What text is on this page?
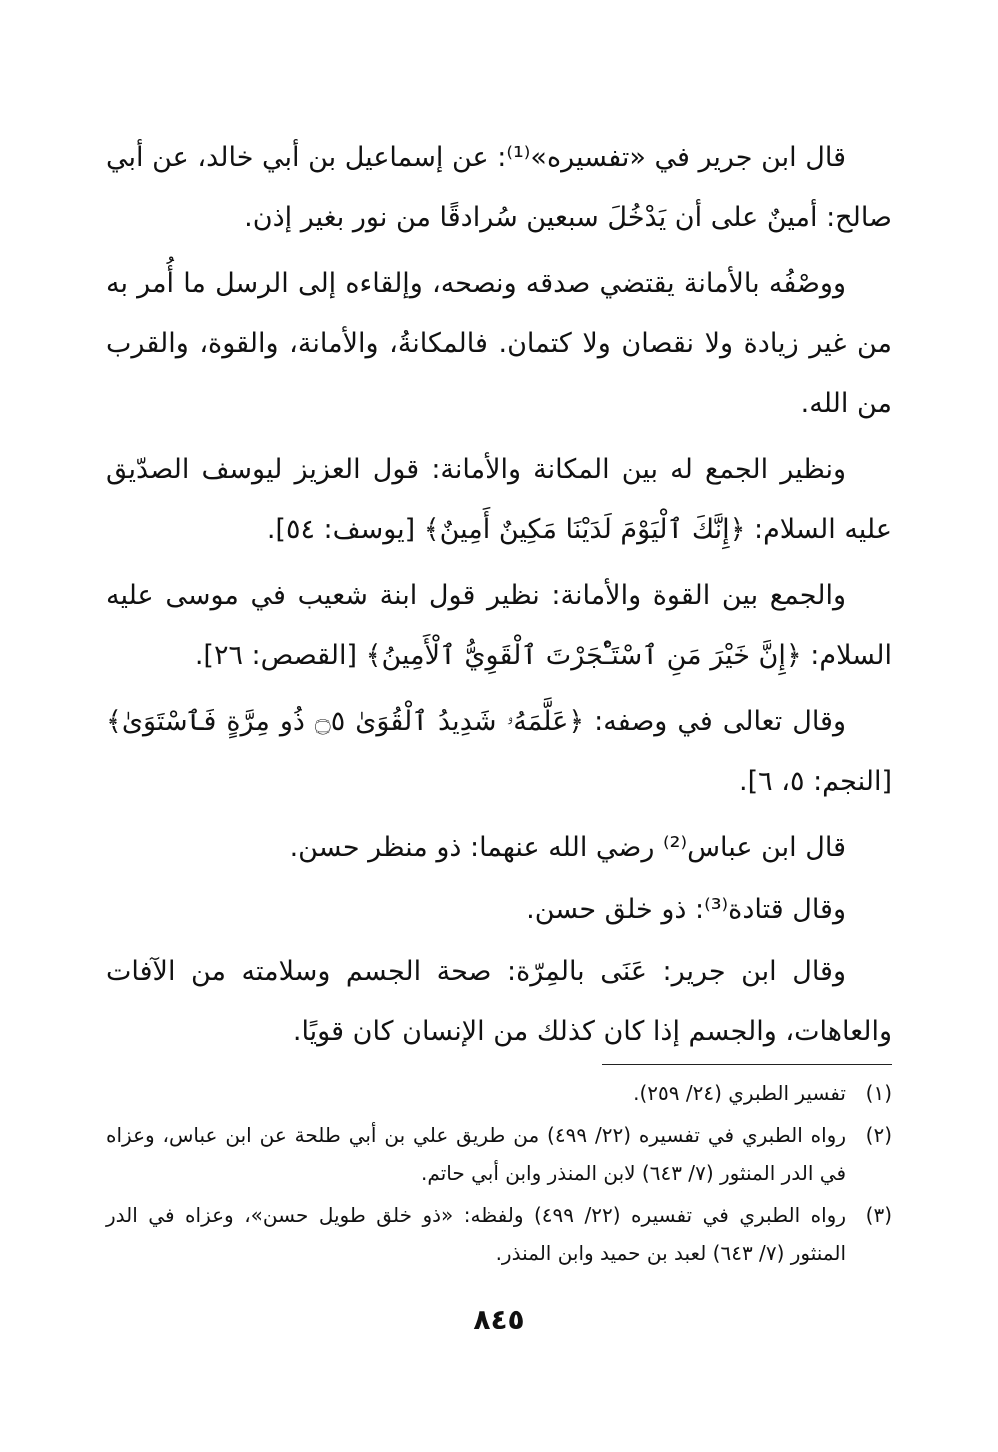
قال ابن جرير في «تفسيره»⁽¹⁾: عن إسماعيل بن أبي خالد، عن أبي صالح: أمينٌ على أن يَدْخُلَ سبعين سُرادقًا من نور بغير إذن.

ووصْفُه بالأمانة يقتضي صدقه ونصحه، وإلقاءه إلى الرسل ما أُمر به من غير زيادة ولا نقصان ولا كتمان. فالمكانةُ، والأمانة، والقوة، والقرب من الله.

ونظير الجمع له بين المكانة والأمانة: قول العزيز ليوسف الصدّيق عليه السلام: ﴿إِنَّكَ ٱلْيَوْمَ لَدَيْنَا مَكِينٌ أَمِينٌ﴾ [يوسف: ٥٤].

والجمع بين القوة والأمانة: نظير قول ابنة شعيب في موسى عليه السلام: ﴿إِنَّ خَيْرَ مَنِ ٱسْتَـْٔجَرْتَ ٱلْقَوِيُّ ٱلْأَمِينُ﴾ [القصص: ٢٦].

وقال تعالى في وصفه: ﴿عَلَّمَهُۥ شَدِيدُ ٱلْقُوَىٰ ۝٥ ذُو مِرَّةٍ فَٱسْتَوَىٰ﴾ [النجم: ٥، ٦].

قال ابن عباس⁽²⁾ رضي الله عنهما: ذو منظر حسن.

وقال قتادة⁽³⁾: ذو خلق حسن.

وقال ابن جرير: عَنَى بالمِرّة: صحة الجسم وسلامته من الآفات والعاهات، والجسم إذا كان كذلك من الإنسان كان قويًا.

(١)
تفسير الطبري (٢٤/ ٢٥٩).
(٢)
رواه الطبري في تفسيره (٢٢/ ٤٩٩) من طريق علي بن أبي طلحة عن ابن عباس، وعزاه في الدر المنثور (٧/ ٦٤٣) لابن المنذر وابن أبي حاتم.
(٣)
رواه الطبري في تفسيره (٢٢/ ٤٩٩) ولفظه: «ذو خلق طويل حسن»، وعزاه في الدر المنثور (٧/ ٦٤٣) لعبد بن حميد وابن المنذر.
٨٤٥
